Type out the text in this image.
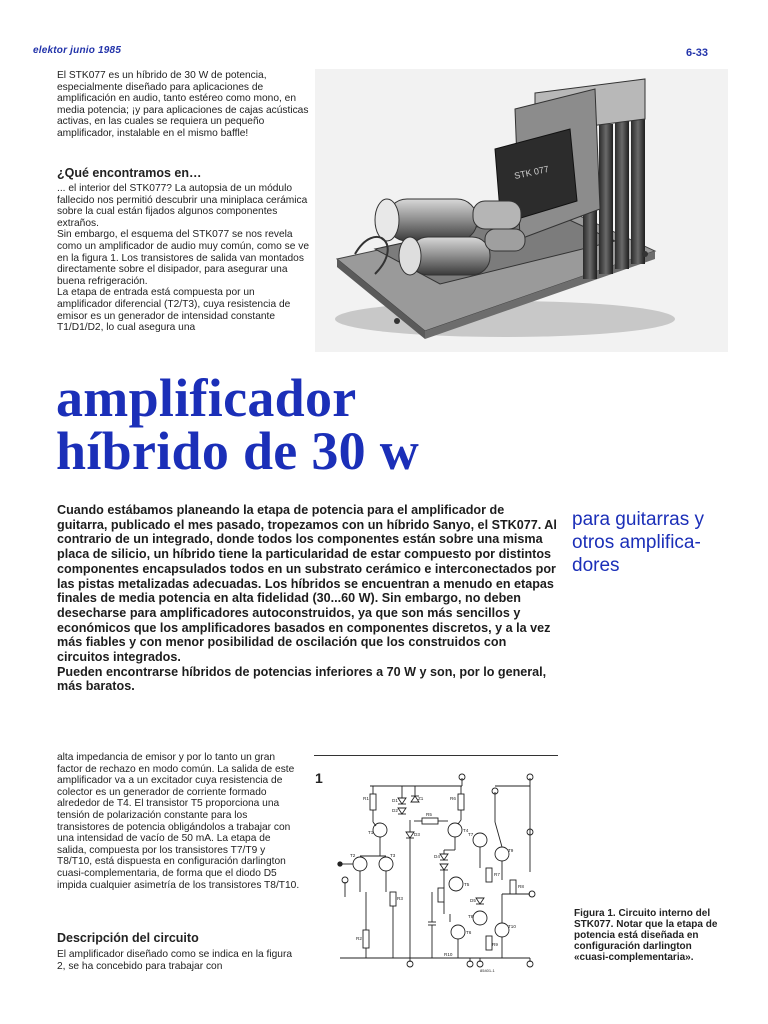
elektor junio 1985	6-33
El STK077 es un híbrido de 30 W de potencia, especialmente diseñado para aplicaciones de amplificación en audio, tanto estéreo como mono, en media potencia; ¡y para aplicaciones de cajas acústicas activas, en las cuales se requiera un pequeño amplificador, instalable en el mismo baffle!
¿Qué encontramos en…

... el interior del STK077? La autopsia de un módulo fallecido nos permitió descubrir una miniplaca cerámica sobre la cual están fijados algunos componentes extraños.

Sin embargo, el esquema del STK077 se nos revela como un amplificador de audio muy común, como se ve en la figura 1. Los transistores de salida van montados directamente sobre el disipador, para asegurar una buena refrigeración.

La etapa de entrada está compuesta por un amplificador diferencial (T2/T3), cuya resistencia de emisor es un generador de intensidad constante T1/D1/D2, lo cual asegura una

STK 077
amplificador
híbrido de 30 w
para guitarras y otros amplifica-dores

Cuando estábamos planeando la etapa de potencia para el amplificador de guitarra, publicado el mes pasado, tropezamos con un híbrido Sanyo, el STK077. Al contrario de un integrado, donde todos los componentes están sobre una misma placa de silicio, un híbrido tiene la particularidad de estar compuesto por distintos componentes encapsulados todos en un substrato cerámico e interconectados por las pistas metalizadas adecuadas. Los híbridos se encuentran a menudo en etapas finales de media potencia en alta fidelidad (30...60 W). Sin embargo, no deben desecharse para amplificadores autoconstruidos, ya que son más sencillos y económicos que los amplificadores basados en componentes discretos, y a la vez más fiables y con menor posibilidad de oscilación que los construidos con circuitos integrados.

Pueden encontrarse híbridos de potencias inferiores a 70 W y son, por lo general, más baratos.

alta impedancia de emisor y por lo tanto un gran factor de rechazo en modo común. La salida de este amplificador va a un excitador cuya resistencia de colector es un generador de corriente formado alrededor de T4. El transistor T5 proporciona una tensión de polarización constante para los transistores de potencia obligándolos a trabajar con una intensidad de vacío de 50 mA. La etapa de salida, compuesta por los transistores T7/T9 y T8/T10, está dispuesta en configuración darlington cuasi-complementaria, de forma que el diodo D5 impida cualquier asimetría de los transistores T8/T10.
Descripción del circuito
El amplificador diseñado como se indica en la figura 2, se ha concebido para trabajar con
1
R1	D1
D2
Z1	R6
T1
T2	T3
R2
R3
D3
R5
T4
D4
T5
T6
T7
T9
R7
R8
D5
T8
T10
R9
R10
85401-1
Figura 1. Circuito interno del STK077. Notar que la etapa de potencia está diseñada en configuración darlington «cuasi-complementaria».
